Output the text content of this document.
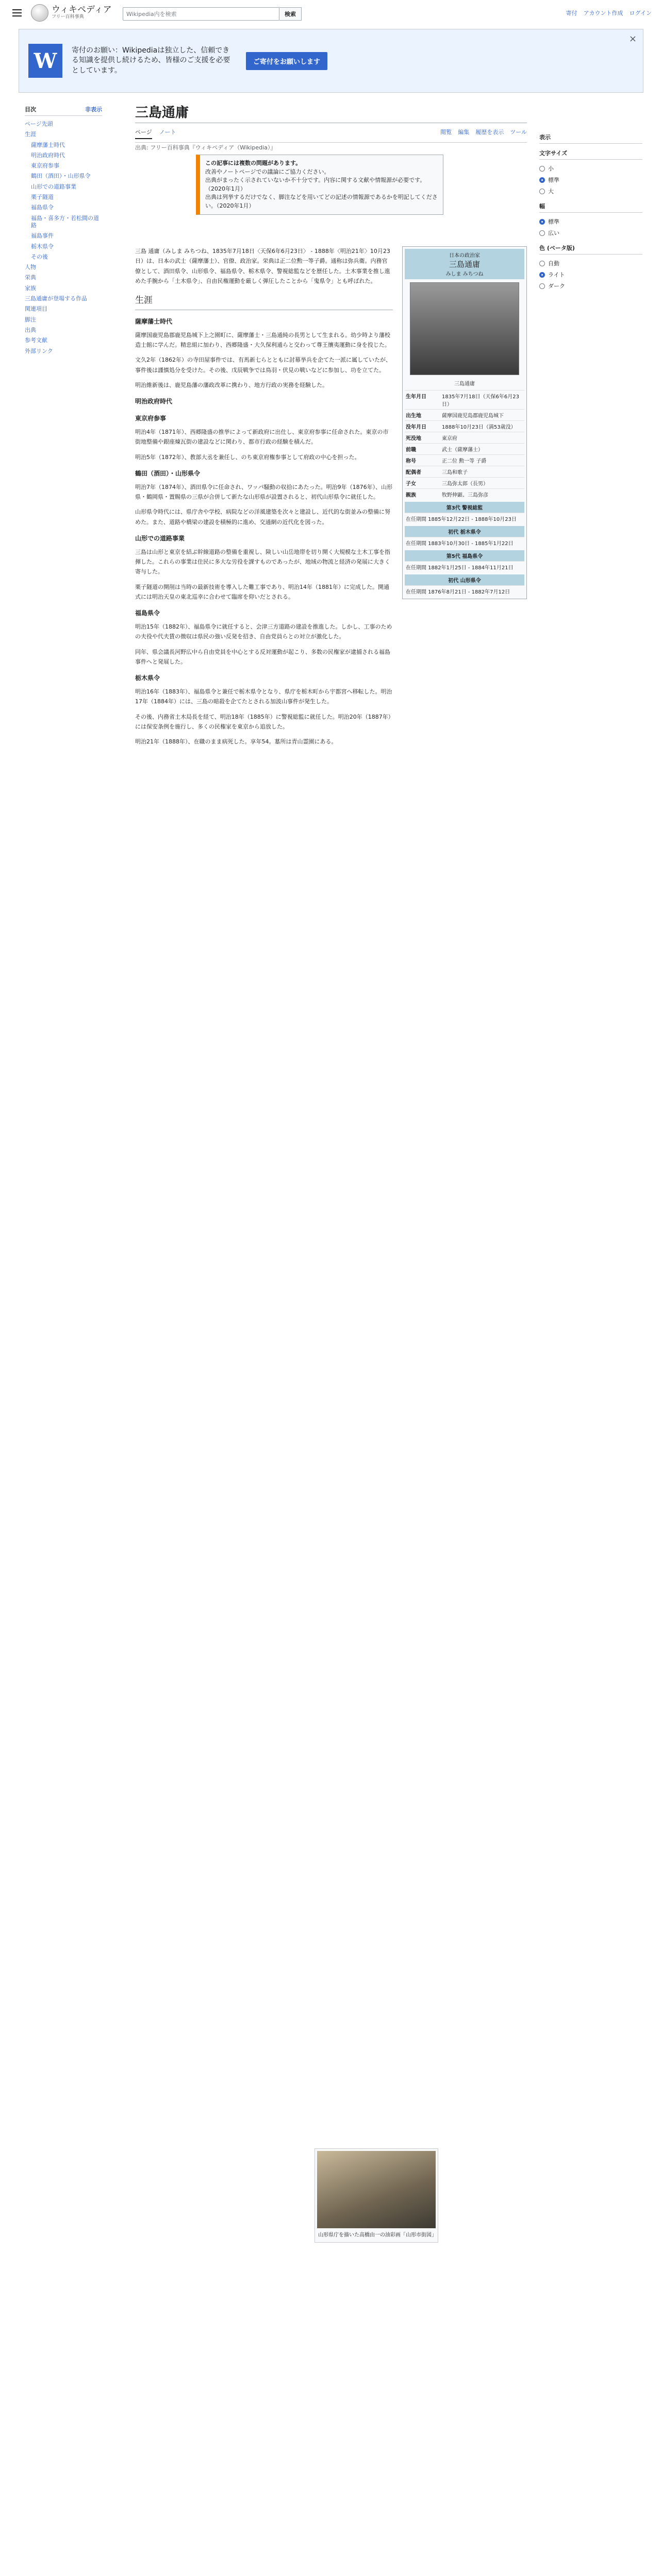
ウィキペディア
フリー百科事典	Wikipedia内を検索	検索	寄付 アカウント作成 ログイン
W	寄付のお願い：Wikipediaは独立した、信頼できる知識を提供し続けるため、皆様のご支援を必要としています。
ご寄付をお願いします
×
目次	非表示
ページ先頭
生涯
薩摩藩士時代
明治政府時代
東京府参事
鶴田（酒田）・山形県令
山形での道路事業
栗子隧道
福島県令
福島・喜多方・若松間の道路
福島事件
栃木県令
その後
人物
栄典
家族
三島通庸が登場する作品
関連項目
脚注
出典
参考文献
外部リンク
三島通庸
ページ ノート	閲覧 編集 履歴を表示 ツール
出典: フリー百科事典『ウィキペディア（Wikipedia）』
この記事には複数の問題があります。
改善やノートページでの議論にご協力ください。
出典がまったく示されていないか不十分です。内容に関する文献や情報源が必要です。（2020年1月）
出典は列挙するだけでなく、脚注などを用いてどの記述の情報源であるかを明記してください。（2020年1月）

三島 通庸（みしま みちつね、1835年7月18日〈天保6年6月23日〉 - 1888年〈明治21年〉10月23日）は、日本の武士（薩摩藩士）、官僚、政治家。栄典は正二位勲一等子爵。通称は弥兵衛。内務官僚として、酒田県令、山形県令、福島県令、栃木県令、警視総監などを歴任した。土木事業を推し進めた手腕から「土木県令」、自由民権運動を厳しく弾圧したことから「鬼県令」とも呼ばれた。

生涯
薩摩藩士時代

薩摩国鹿児島郡鹿児島城下上之園町に、薩摩藩士・三島通純の長男として生まれる。幼少時より藩校造士館に学んだ。精忠組に加わり、西郷隆盛・大久保利通らと交わって尊王攘夷運動に身を投じた。

文久2年（1862年）の寺田屋事件では、有馬新七らとともに討幕挙兵を企てた一派に属していたが、事件後は謹慎処分を受けた。その後、戊辰戦争では鳥羽・伏見の戦いなどに参加し、功を立てた。

明治維新後は、鹿児島藩の藩政改革に携わり、地方行政の実務を経験した。

明治政府時代
東京府参事

明治4年（1871年）、西郷隆盛の推挙によって新政府に出仕し、東京府参事に任命された。東京の市街地整備や銀座煉瓦街の建設などに関わり、都市行政の経験を積んだ。

明治5年（1872年）、教部大丞を兼任し、のち東京府権参事として府政の中心を担った。

鶴田（酒田）・山形県令

明治7年（1874年）、酒田県令に任命され、ワッパ騒動の収拾にあたった。明治9年（1876年）、山形県・鶴岡県・置賜県の三県が合併して新たな山形県が設置されると、初代山形県令に就任した。

山形県令時代には、県庁舎や学校、病院などの洋風建築を次々と建設し、近代的な街並みの整備に努めた。また、道路や橋梁の建設を積極的に進め、交通網の近代化を図った。

山形での道路事業

三島は山形と東京を結ぶ幹線道路の整備を重視し、険しい山岳地帯を切り開く大規模な土木工事を指揮した。これらの事業は住民に多大な労役を課すものであったが、地域の物流と経済の発展に大きく寄与した。

栗子隧道の開削は当時の最新技術を導入した難工事であり、明治14年（1881年）に完成した。開通式には明治天皇の東北巡幸に合わせて臨席を仰いだとされる。

福島県令

明治15年（1882年）、福島県令に就任すると、会津三方道路の建設を推進した。しかし、工事のための夫役や代夫賃の徴収は県民の強い反発を招き、自由党員らとの対立が激化した。

同年、県会議長河野広中ら自由党員を中心とする反対運動が起こり、多数の民権家が逮捕される福島事件へと発展した。

栃木県令

明治16年（1883年）、福島県令と兼任で栃木県令となり、県庁を栃木町から宇都宮へ移転した。明治17年（1884年）には、三島の暗殺を企てたとされる加波山事件が発生した。

その後、内務省土木局長を経て、明治18年（1885年）に警視総監に就任した。明治20年（1887年）には保安条例を施行し、多くの民権家を東京から追放した。

明治21年（1888年）、在職のまま病死した。享年54。墓所は青山霊園にある。

日本の政治家
三島通庸
みしま みちつね
三島通庸
生年月日	1835年7月18日（天保6年6月23日）
出生地	薩摩国鹿児島郡鹿児島城下
没年月日	1888年10月23日（満53歳没）
死没地	東京府
前職	武士（薩摩藩士）
称号	正二位 勲一等 子爵
配偶者	三島和歌子
子女	三島弥太郎（長男）
親族	牧野伸顕、三島弥彦
第3代 警視総監
在任期間 1885年12月22日 - 1888年10月23日
初代 栃木県令
在任期間 1883年10月30日 - 1885年1月22日
第5代 福島県令
在任期間 1882年1月25日 - 1884年11月21日
初代 山形県令
在任期間 1876年8月21日 - 1882年7月12日
表示
文字サイズ
小
標準
大
幅
標準
広い
色 (ベータ版)
自動
ライト
ダーク
山形県庁を描いた高橋由一の油彩画「山形市街図」
